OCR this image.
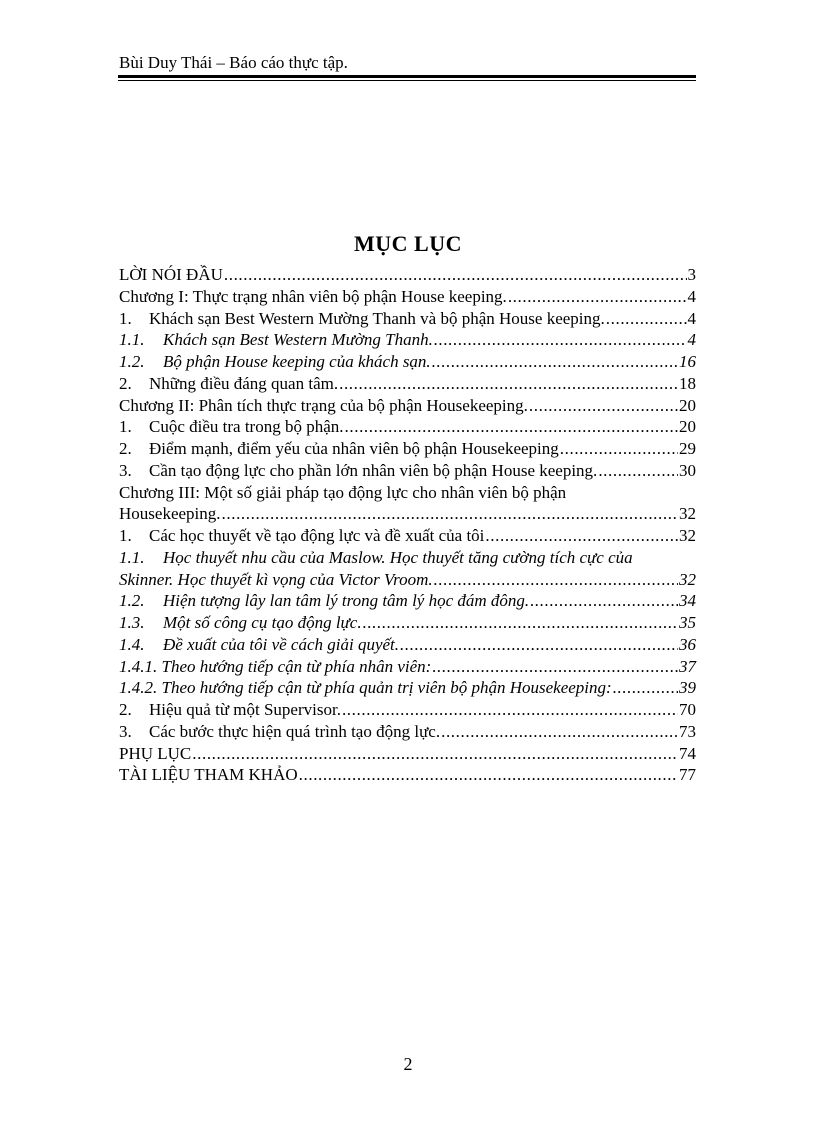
Bùi Duy Thái – Báo cáo thực tập.
MỤC LỤC
LỜI NÓI ĐẦU .....	3
Chương I: Thực trạng nhân viên bộ phận House keeping. .....	4
1. Khách sạn Best Western Mường Thanh và bộ phận House keeping. .....	4
1.1. Khách sạn Best Western Mường Thanh. .....	4
1.2. Bộ phận House keeping của khách sạn. .....	16
2. Những điều đáng quan tâm. .....	18
Chương II: Phân tích thực trạng của bộ phận Housekeeping. .....	20
1. Cuộc điều tra trong bộ phận. .....	20
2. Điểm mạnh, điểm yếu của nhân viên bộ phận Housekeeping .....	29
3. Cần tạo động lực cho phần lớn nhân viên bộ phận House keeping. .....	30
Chương III: Một số giải pháp tạo động lực cho nhân viên bộ phận
Housekeeping. .....	32
1. Các học thuyết về tạo động lực và đề xuất của tôi .....	32
1.1. Học thuyết nhu cầu của Maslow. Học thuyết tăng cường tích cực của
Skinner. Học thuyết kì vọng của Victor Vroom. .....	32
1.2. Hiện tượng lây lan tâm lý trong tâm lý học đám đông. .....	34
1.3. Một số công cụ tạo động lực. .....	35
1.4. Đề xuất của tôi về cách giải quyết. .....	36
1.4.1. Theo hướng tiếp cận từ phía nhân viên: .....	37
1.4.2. Theo hướng tiếp cận từ phía quản trị viên bộ phận Housekeeping: .....	39
2. Hiệu quả từ một Supervisor. .....	70
3. Các bước thực hiện quá trình tạo động lực. .....	73
PHỤ LỤC .....	74
TÀI LIỆU THAM KHẢO .....	77
2
